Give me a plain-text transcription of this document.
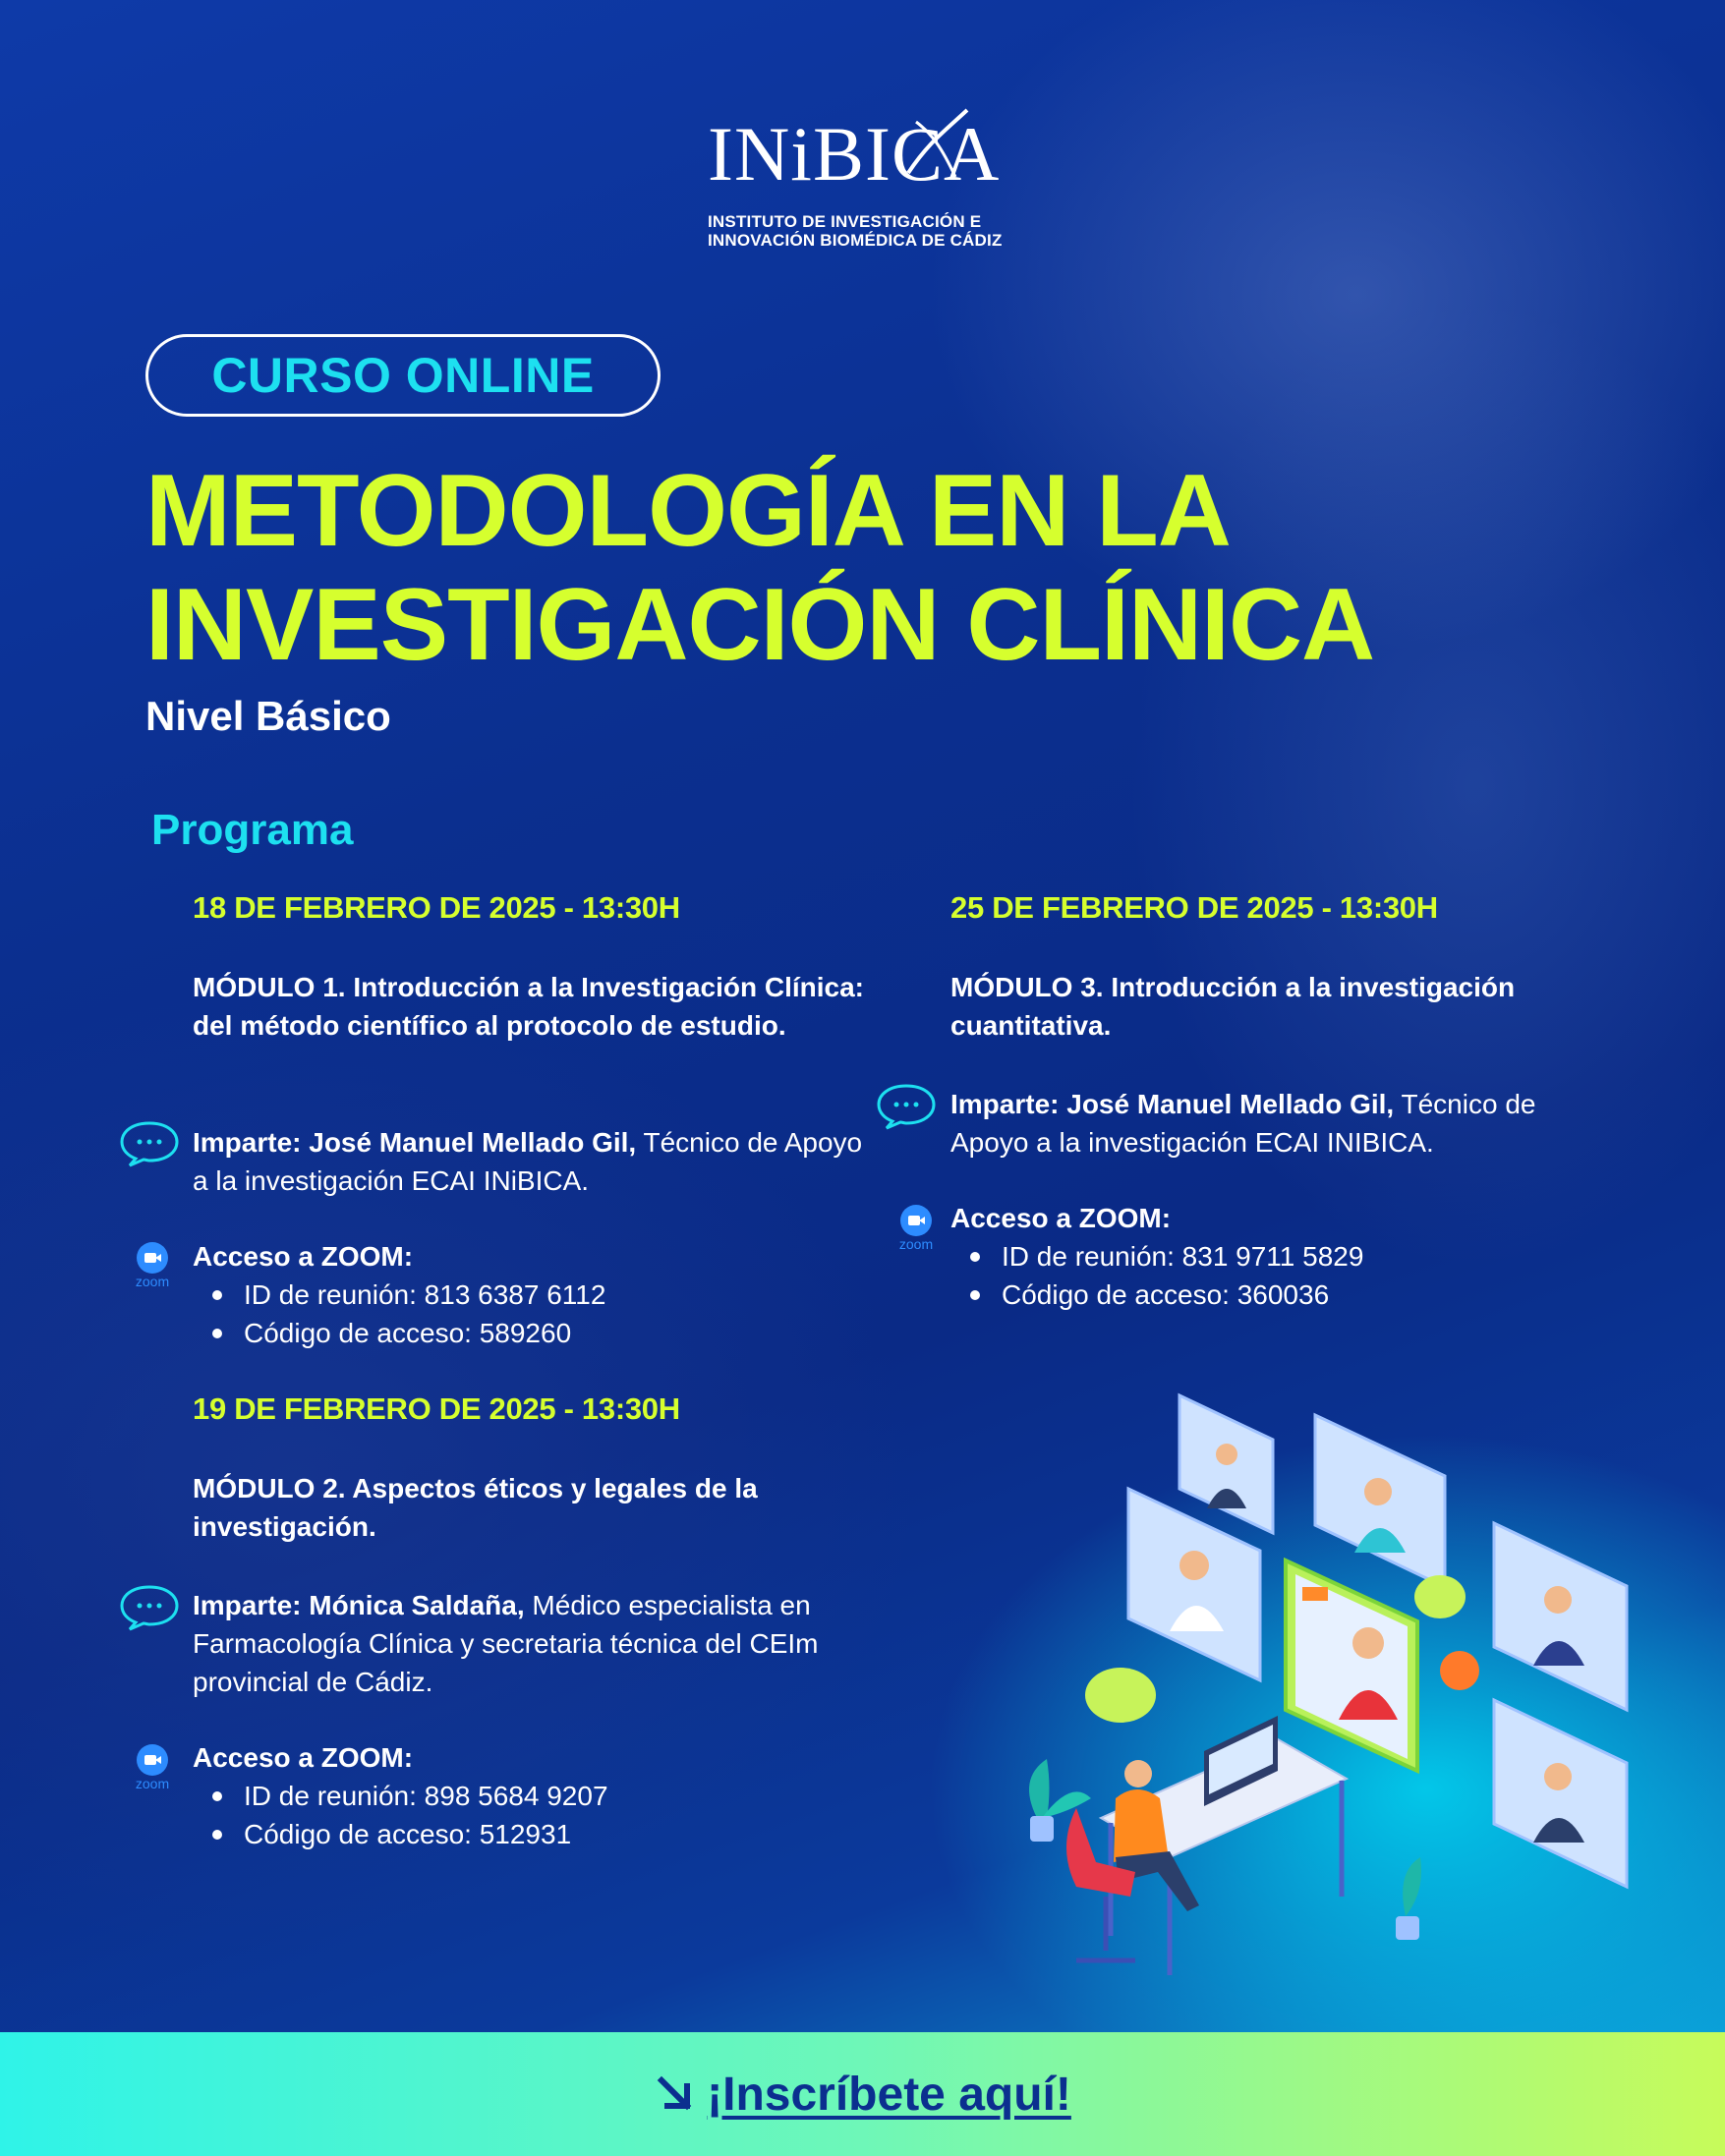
INiBICA
INSTITUTO DE INVESTIGACIÓN E
INNOVACIÓN BIOMÉDICA DE CÁDIZ
CURSO ONLINE
METODOLOGÍA EN LA
INVESTIGACIÓN CLÍNICA
Nivel Básico
Programa
18 DE FEBRERO DE 2025 - 13:30H
MÓDULO 1. Introducción a la Investigación Clínica: del método científico al protocolo de estudio.
Imparte: José Manuel Mellado Gil, Técnico de Apoyo a la investigación ECAI INiBICA.
zoom
Acceso a ZOOM:
ID de reunión: 813 6387 6112
Código de acceso: 589260
19 DE FEBRERO DE 2025 - 13:30H
MÓDULO 2. Aspectos éticos y legales de la investigación.
Imparte: Mónica Saldaña, Médico especialista en Farmacología Clínica y secretaria técnica del CEIm provincial de Cádiz.
zoom
Acceso a ZOOM:
ID de reunión: 898 5684 9207
Código de acceso: 512931
25 DE FEBRERO DE 2025 - 13:30H
MÓDULO 3. Introducción a la investigación cuantitativa.
Imparte: José Manuel Mellado Gil, Técnico de Apoyo a la investigación ECAI INIBICA.
zoom
Acceso a ZOOM:
ID de reunión: 831 9711 5829
Código de acceso: 360036
¡Inscríbete aquí!
